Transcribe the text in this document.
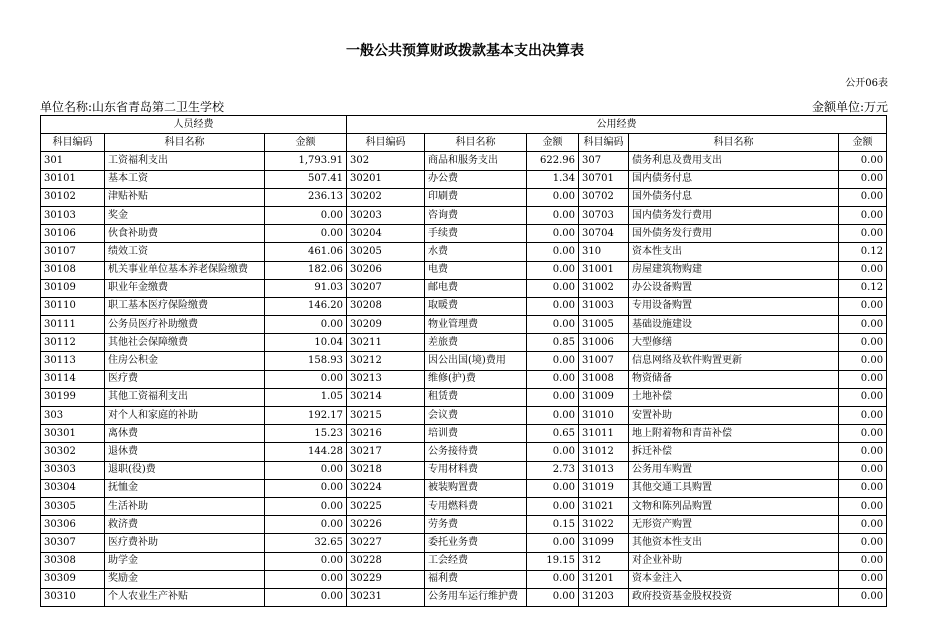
一般公共预算财政拨款基本支出决算表
公开06表
单位名称:山东省青岛第二卫生学校	金额单位:万元
人员经费			公用经费					
科目编码	科目名称	金额	科目编码	科目名称	金额	科目编码	科目名称	金额
301	工资福利支出	1,793.91	302	商品和服务支出	622.96	307	债务利息及费用支出	0.00
30101	基本工资	507.41	30201	办公费	1.34	30701	国内债务付息	0.00
30102	津贴补贴	236.13	30202	印刷费	0.00	30702	国外债务付息	0.00
30103	奖金	0.00	30203	咨询费	0.00	30703	国内债务发行费用	0.00
30106	伙食补助费	0.00	30204	手续费	0.00	30704	国外债务发行费用	0.00
30107	绩效工资	461.06	30205	水费	0.00	310	资本性支出	0.12
30108	机关事业单位基本养老保险缴费	182.06	30206	电费	0.00	31001	房屋建筑物购建	0.00
30109	职业年金缴费	91.03	30207	邮电费	0.00	31002	办公设备购置	0.12
30110	职工基本医疗保险缴费	146.20	30208	取暖费	0.00	31003	专用设备购置	0.00
30111	公务员医疗补助缴费	0.00	30209	物业管理费	0.00	31005	基础设施建设	0.00
30112	其他社会保障缴费	10.04	30211	差旅费	0.85	31006	大型修缮	0.00
30113	住房公积金	158.93	30212	因公出国(境)费用	0.00	31007	信息网络及软件购置更新	0.00
30114	医疗费	0.00	30213	维修(护)费	0.00	31008	物资储备	0.00
30199	其他工资福利支出	1.05	30214	租赁费	0.00	31009	土地补偿	0.00
303	对个人和家庭的补助	192.17	30215	会议费	0.00	31010	安置补助	0.00
30301	离休费	15.23	30216	培训费	0.65	31011	地上附着物和青苗补偿	0.00
30302	退休费	144.28	30217	公务接待费	0.00	31012	拆迁补偿	0.00
30303	退职(役)费	0.00	30218	专用材料费	2.73	31013	公务用车购置	0.00
30304	抚恤金	0.00	30224	被装购置费	0.00	31019	其他交通工具购置	0.00
30305	生活补助	0.00	30225	专用燃料费	0.00	31021	文物和陈列品购置	0.00
30306	救济费	0.00	30226	劳务费	0.15	31022	无形资产购置	0.00
30307	医疗费补助	32.65	30227	委托业务费	0.00	31099	其他资本性支出	0.00
30308	助学金	0.00	30228	工会经费	19.15	312	对企业补助	0.00
30309	奖励金	0.00	30229	福利费	0.00	31201	资本金注入	0.00
30310	个人农业生产补贴	0.00	30231	公务用车运行维护费	0.00	31203	政府投资基金股权投资	0.00
